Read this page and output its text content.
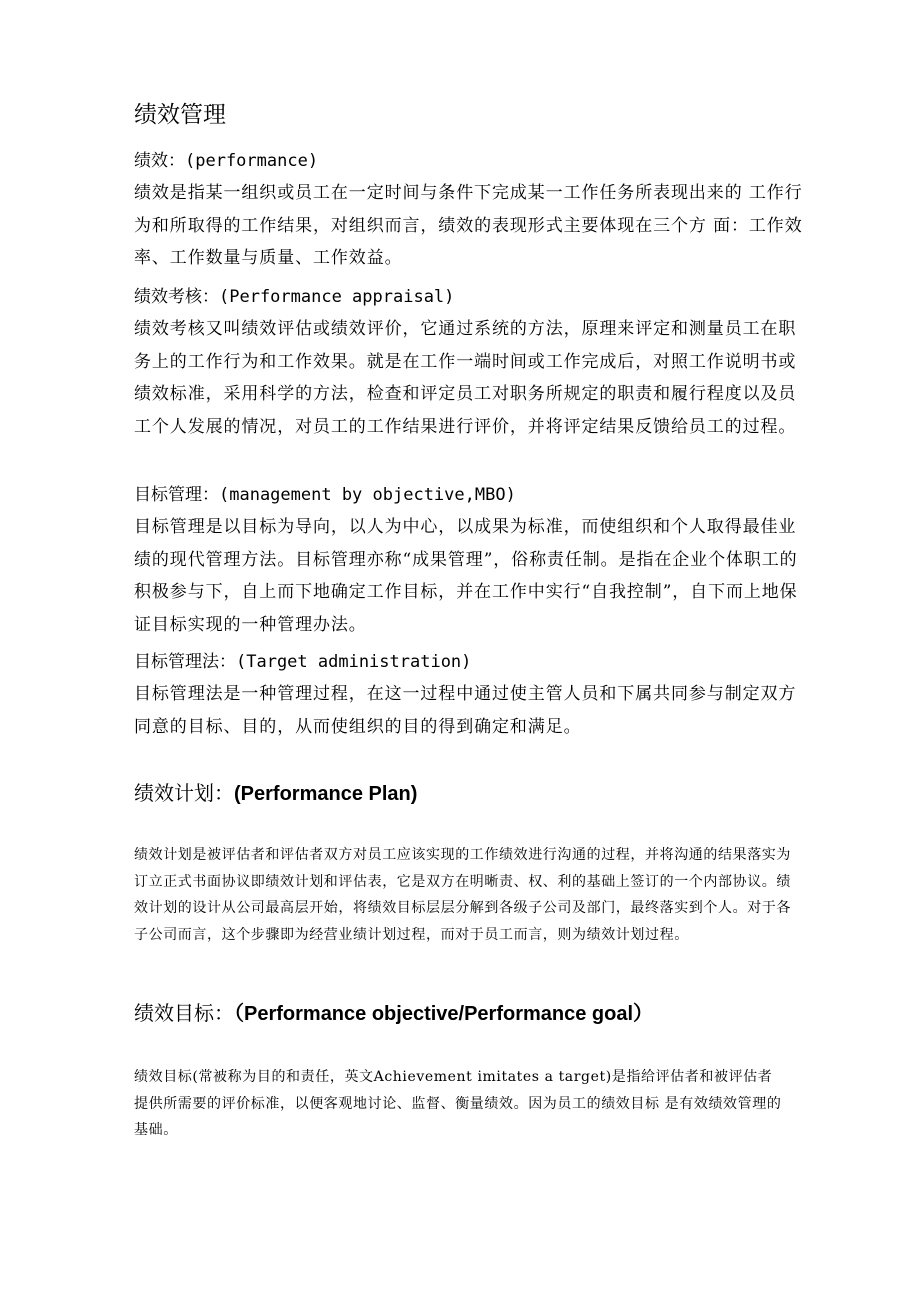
绩效管理
绩效：(performance)
绩效是指某一组织或员工在一定时间与条件下完成某一工作任务所表现出来的 工作行为和所取得的工作结果，对组织而言，绩效的表现形式主要体现在三个方 面：工作效率、工作数量与质量、工作效益。
绩效考核：(Performance appraisal)
绩效考核又叫绩效评估或绩效评价，它通过系统的方法，原理来评定和测量员工在职务上的工作行为和工作效果。就是在工作一端时间或工作完成后，对照工作说明书或绩效标准，采用科学的方法，检查和评定员工对职务所规定的职责和履行程度以及员工个人发展的情况，对员工的工作结果进行评价，并将评定结果反馈给员工的过程。
目标管理：(management by objective,MBO)
目标管理是以目标为导向，以人为中心，以成果为标准，而使组织和个人取得最佳业绩的现代管理方法。目标管理亦称“成果管理”，俗称责任制。是指在企业个体职工的积极参与下，自上而下地确定工作目标，并在工作中实行“自我控制”，自下而上地保证目标实现的一种管理办法。
目标管理法：(Target administration)
目标管理法是一种管理过程，在这一过程中通过使主管人员和下属共同参与制定双方同意的目标、目的，从而使组织的目的得到确定和满足。
绩效计划：(Performance Plan)
绩效计划是被评估者和评估者双方对员工应该实现的工作绩效进行沟通的过程，并将沟通的结果落实为订立正式书面协议即绩效计划和评估表，它是双方在明晰责、权、利的基础上签订的一个内部协议。绩效计划的设计从公司最高层开始，将绩效目标层层分解到各级子公司及部门，最终落实到个人。对于各子公司而言，这个步骤即为经营业绩计划过程，而对于员工而言，则为绩效计划过程。
绩效目标：（Performance objective/Performance goal）
绩效目标(常被称为目的和责任，英文Achievement imitates a target)是指给评估者和被评估者提供所需要的评价标准，以便客观地讨论、监督、衡量绩效。因为员工的绩效目标 是有效绩效管理的基础。
